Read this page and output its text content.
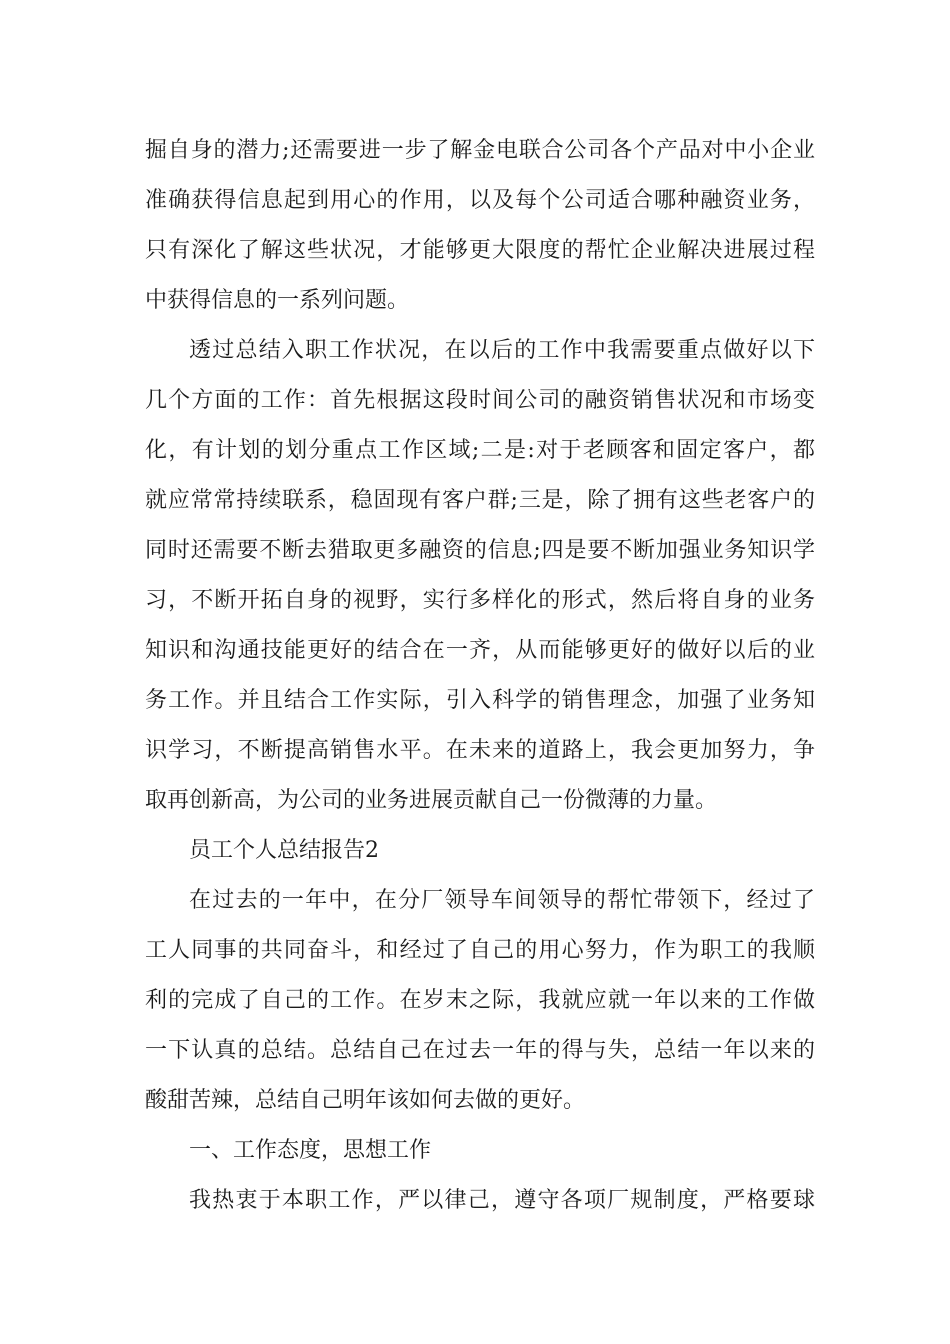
掘自身的潜力;还需要进一步了解金电联合公司各个产品对中小企业
准确获得信息起到用心的作用，以及每个公司适合哪种融资业务，
只有深化了解这些状况，才能够更大限度的帮忙企业解决进展过程
中获得信息的一系列问题。
透过总结入职工作状况，在以后的工作中我需要重点做好以下
几个方面的工作：首先根据这段时间公司的融资销售状况和市场变
化，有计划的划分重点工作区域;二是:对于老顾客和固定客户，都
就应常常持续联系，稳固现有客户群;三是，除了拥有这些老客户的
同时还需要不断去猎取更多融资的信息;四是要不断加强业务知识学
习，不断开拓自身的视野，实行多样化的形式，然后将自身的业务
知识和沟通技能更好的结合在一齐，从而能够更好的做好以后的业
务工作。并且结合工作实际，引入科学的销售理念，加强了业务知
识学习，不断提高销售水平。在未来的道路上，我会更加努力，争
取再创新高，为公司的业务进展贡献自己一份微薄的力量。
员工个人总结报告2
在过去的一年中，在分厂领导车间领导的帮忙带领下，经过了
工人同事的共同奋斗，和经过了自己的用心努力，作为职工的我顺
利的完成了自己的工作。在岁末之际，我就应就一年以来的工作做
一下认真的总结。总结自己在过去一年的得与失，总结一年以来的
酸甜苦辣，总结自己明年该如何去做的更好。
一、工作态度，思想工作
我热衷于本职工作，严以律己，遵守各项厂规制度，严格要球
